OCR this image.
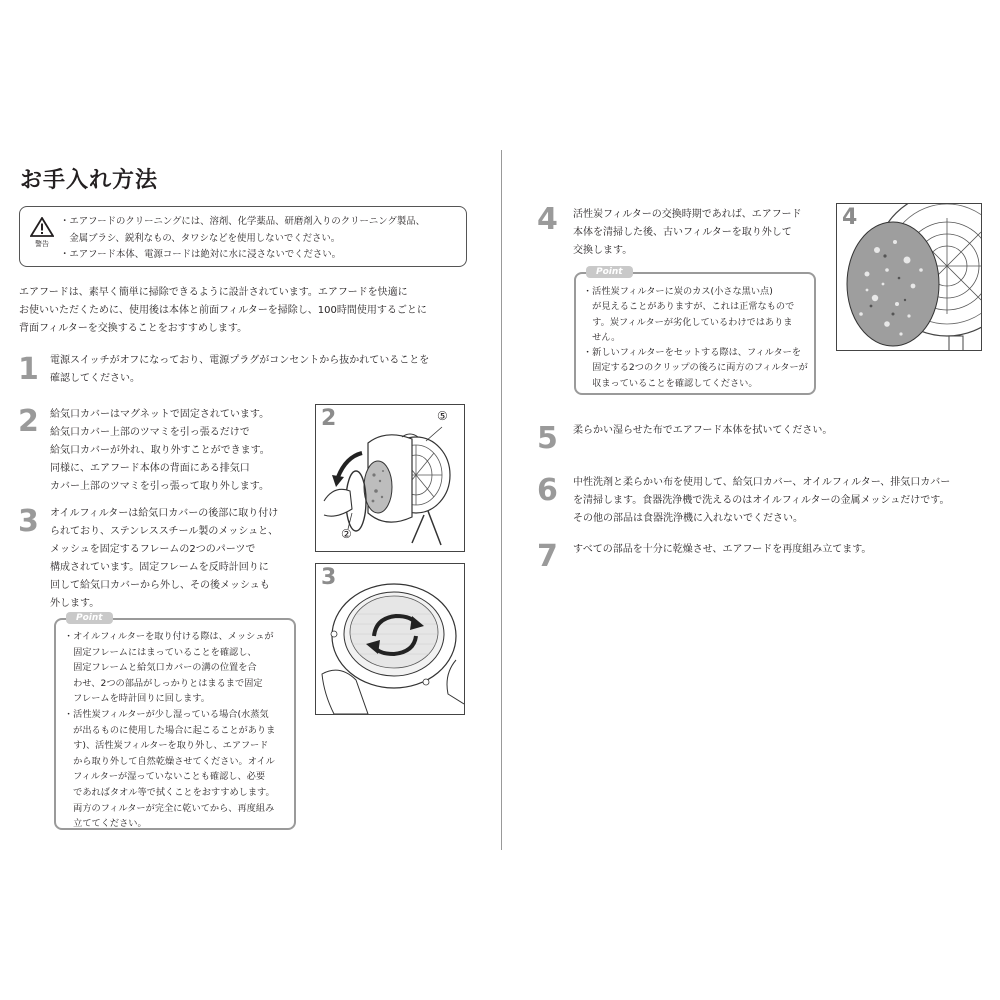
お手入れ方法
警告
・エアフードのクリーニングには、溶剤、化学薬品、研磨剤入りのクリーニング製品、
　金属ブラシ、鋭利なもの、タワシなどを使用しないでください。
・エアフード本体、電源コードは絶対に水に浸さないでください。
エアフードは、素早く簡単に掃除できるように設計されています。エアフードを快適に
お使いいただくために、使用後は本体と前面フィルターを掃除し、100時間使用するごとに
背面フィルターを交換することをおすすめします。
1 電源スイッチがオフになっており、電源プラグがコンセントから抜かれていることを
確認してください。
2 給気口カバーはマグネットで固定されています。
給気口カバー上部のツマミを引っ張るだけで
給気口カバーが外れ、取り外すことができます。
同様に、エアフード本体の背面にある排気口
カバー上部のツマミを引っ張って取り外します。
3 オイルフィルターは給気口カバーの後部に取り付け
られており、ステンレススチール製のメッシュと、
メッシュを固定するフレームの2つのパーツで
構成されています。固定フレームを反時計回りに
回して給気口カバーから外し、その後メッシュも
外します。
Point
・オイルフィルターを取り付ける際は、メッシュが
　固定フレームにはまっていることを確認し、
　固定フレームと給気口カバーの溝の位置を合
　わせ、2つの部品がしっかりとはまるまで固定
　フレームを時計回りに回します。
・活性炭フィルターが少し湿っている場合(水蒸気
　が出るものに使用した場合に起こることがありま
　す)、活性炭フィルターを取り外し、エアフード
　から取り外して自然乾燥させてください。オイル
　フィルターが湿っていないことも確認し、必要
　であればタオル等で拭くことをおすすめします。
　両方のフィルターが完全に乾いてから、再度組み
　立ててください。
2	⑤
②
3
4 活性炭フィルターの交換時期であれば、エアフード
本体を清掃した後、古いフィルターを取り外して
交換します。
Point
・活性炭フィルターに炭のカス(小さな黒い点)
　が見えることがありますが、これは正常なもので
　す。炭フィルターが劣化しているわけではありま
　せん。
・新しいフィルターをセットする際は、フィルターを
　固定する2つのクリップの後ろに両方のフィルターが
　収まっていることを確認してください。
4
5 柔らかい湿らせた布でエアフード本体を拭いてください。
6 中性洗剤と柔らかい布を使用して、給気口カバー、オイルフィルター、排気口カバー
を清掃します。食器洗浄機で洗えるのはオイルフィルターの金属メッシュだけです。
その他の部品は食器洗浄機に入れないでください。
7 すべての部品を十分に乾燥させ、エアフードを再度組み立てます。
